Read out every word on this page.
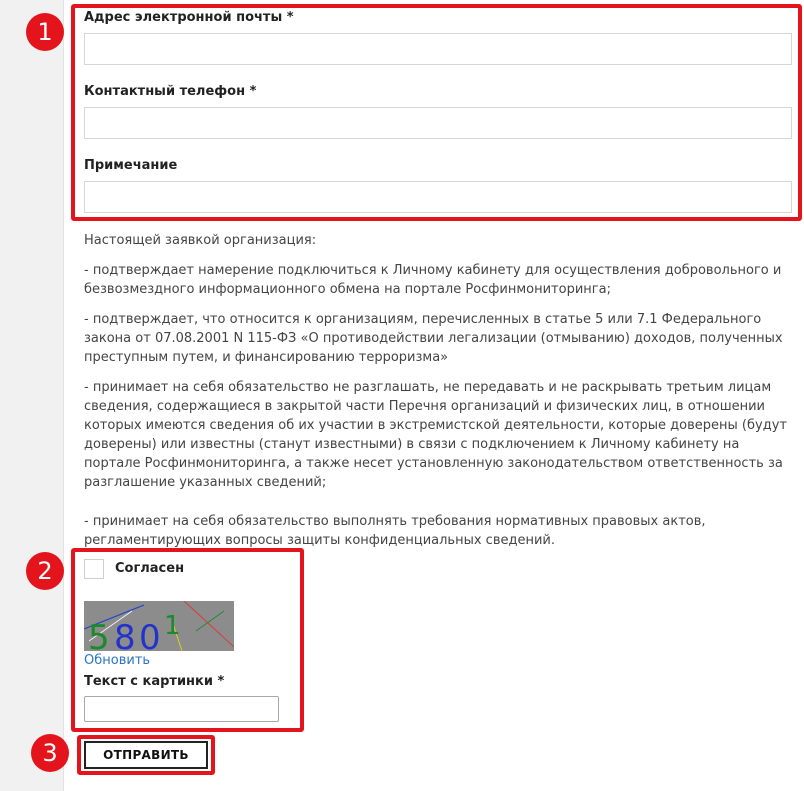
Адрес электронной почты *
Контактный телефон *
Примечание

Настоящей заявкой организация:

- подтверждает намерение подключиться к Личному кабинету для осуществления добровольного и безвозмездного информационного обмена на портале Росфинмониторинга;

- подтверждает, что относится к организациям, перечисленных в статье 5 или 7.1 Федерального закона от 07.08.2001 N 115-ФЗ «О противодействии легализации (отмыванию) доходов, полученных преступным путем, и финансированию терроризма»

- принимает на себя обязательство не разглашать, не передавать и не раскрывать третьим лицам сведения, содержащиеся в закрытой части Перечня организаций и физических лиц, в отношении которых имеются сведения об их участии в экстремистской деятельности, которые доверены (будут доверены) или известны (станут известными) в связи с подключением к Личному кабинету на портале Росфинмониторинга, а также несет установленную законодательством ответственность за разглашение указанных сведений;

- принимает на себя обязательство выполнять требования нормативных правовых актов, регламентирующих вопросы защиты конфиденциальных сведений.

Согласен
5 8 0 1
Обновить
Текст с картинки *
ОТПРАВИТЬ
1
2
3
